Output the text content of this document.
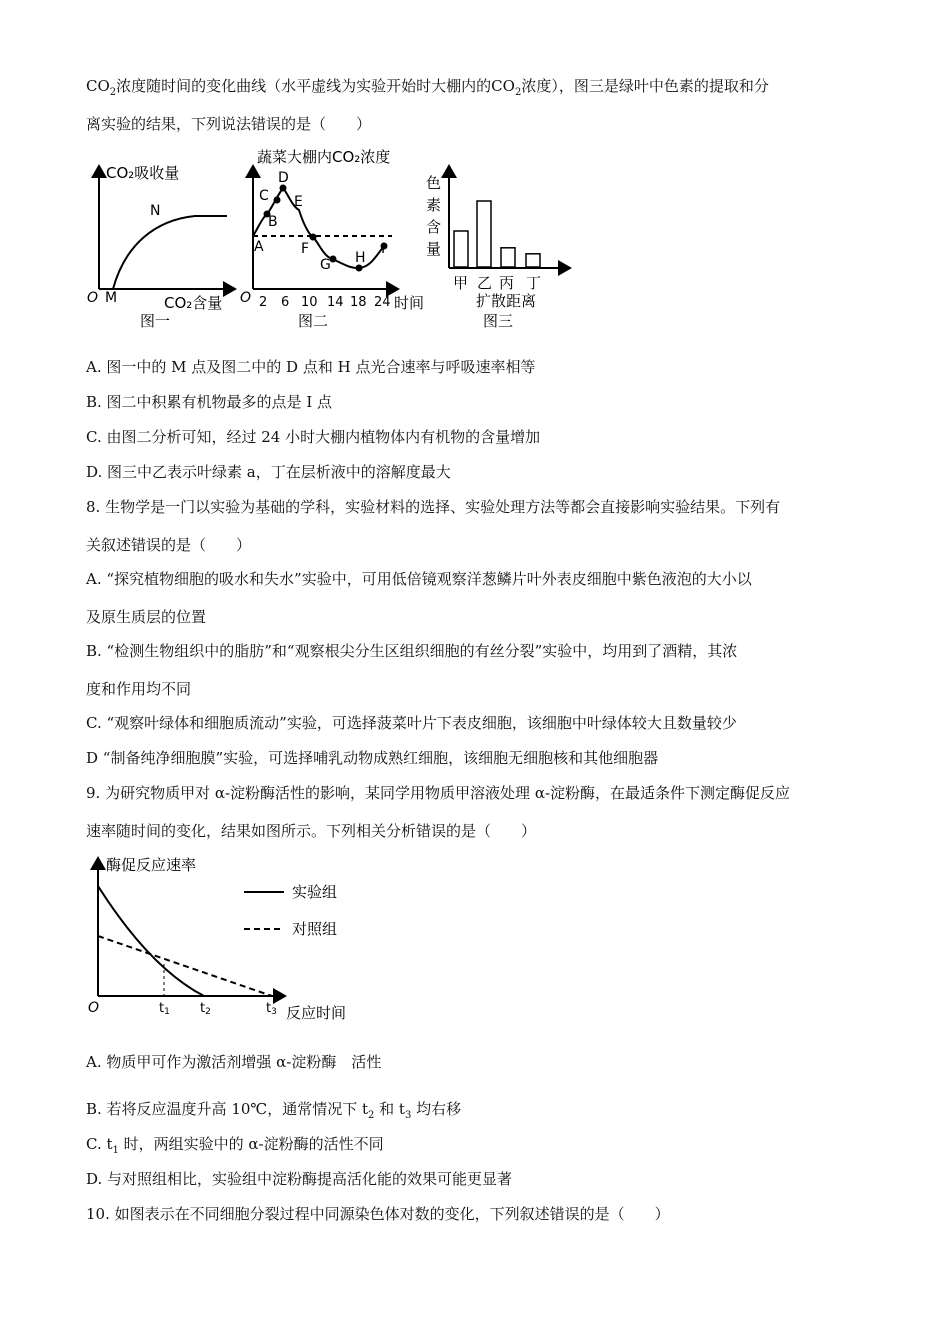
$CO_2$浓度随时间的变化曲线（水平虚线为实验开始时大棚内的$CO_2$浓度），图三是绿叶中色素的提取和分
离实验的结果，下列说法错误的是（　　）
CO₂吸收量
N
O M	CO₂含量
图一
蔬菜大棚内CO₂浓度
A
B
C
D
E
F
G H
I
O 2 6 10 14 18 24 时间
图二
色
素
含
量
甲 乙 丙 丁
扩散距离
图三
A. 图一中的 M 点及图二中的 D 点和 H 点光合速率与呼吸速率相等
B. 图二中积累有机物最多的点是 I 点
C. 由图二分析可知，经过 24 小时大棚内植物体内有机物的含量增加
D. 图三中乙表示叶绿素 a，丁在层析液中的溶解度最大
8. 生物学是一门以实验为基础的学科，实验材料的选择、实验处理方法等都会直接影响实验结果。下列有
关叙述错误的是（　　）
A. “探究植物细胞的吸水和失水”实验中，可用低倍镜观察洋葱鳞片叶外表皮细胞中紫色液泡的大小以
及原生质层的位置
B. “检测生物组织中的脂肪”和“观察根尖分生区组织细胞的有丝分裂”实验中，均用到了酒精，其浓
度和作用均不同
C. “观察叶绿体和细胞质流动”实验，可选择菠菜叶片下表皮细胞，该细胞中叶绿体较大且数量较少
D “制备纯净细胞膜”实验，可选择哺乳动物成熟红细胞，该细胞无细胞核和其他细胞器
9. 为研究物质甲对 α-淀粉酶活性的影响，某同学用物质甲溶液处理 α-淀粉酶，在最适条件下测定酶促反应
速率随时间的变化，结果如图所示。下列相关分析错误的是（　　）
酶促反应速率
实验组
对照组
O	t1 t2	t3 反应时间
A. 物质甲可作为激活剂增强 α-淀粉酶　活性
B. 若将反应温度升高 10℃，通常情况下 $t_2$ 和 $t_3$ 均右移
C. $t_1$ 时，两组实验中的 α-淀粉酶的活性不同
D. 与对照组相比，实验组中淀粉酶提高活化能的效果可能更显著
10. 如图表示在不同细胞分裂过程中同源染色体对数的变化，下列叙述错误的是（　　）
